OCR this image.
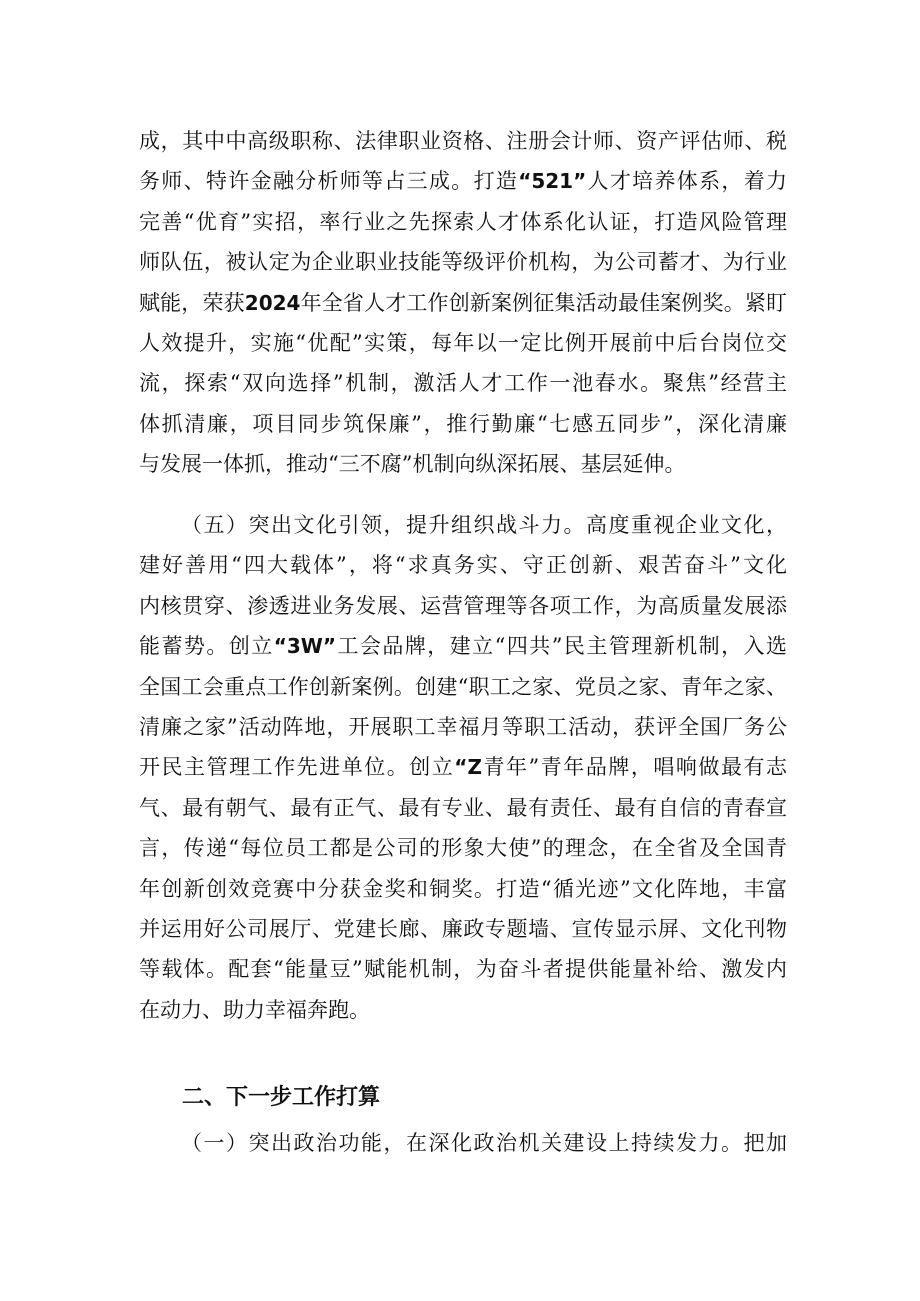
成，其中中高级职称、法律职业资格、注册会计师、资产评估师、税
务师、特许金融分析师等占三成。打造“521”人才培养体系，着力
完善“优育”实招，率行业之先探索人才体系化认证，打造风险管理
师队伍，被认定为企业职业技能等级评价机构，为公司蓄才、为行业
赋能，荣获2024年全省人才工作创新案例征集活动最佳案例奖。紧盯
人效提升，实施“优配”实策，每年以一定比例开展前中后台岗位交
流，探索“双向选择”机制，激活人才工作一池春水。聚焦”经营主
体抓清廉，项目同步筑保廉”，推行勤廉“七感五同步”，深化清廉
与发展一体抓，推动“三不腐”机制向纵深拓展、基层延伸。
（五）突出文化引领，提升组织战斗力。高度重视企业文化，
建好善用“四大载体”，将“求真务实、守正创新、艰苦奋斗”文化
内核贯穿、渗透进业务发展、运营管理等各项工作，为高质量发展添
能蓄势。创立“3W”工会品牌，建立“四共”民主管理新机制，入选
全国工会重点工作创新案例。创建“职工之家、党员之家、青年之家、
清廉之家”活动阵地，开展职工幸福月等职工活动，获评全国厂务公
开民主管理工作先进单位。创立“Z青年”青年品牌，唱响做最有志
气、最有朝气、最有正气、最有专业、最有责任、最有自信的青春宣
言，传递“每位员工都是公司的形象大使”的理念，在全省及全国青
年创新创效竞赛中分获金奖和铜奖。打造“循光迹”文化阵地，丰富
并运用好公司展厅、党建长廊、廉政专题墙、宣传显示屏、文化刊物
等载体。配套“能量豆”赋能机制，为奋斗者提供能量补给、激发内
在动力、助力幸福奔跑。
二、下一步工作打算
（一）突出政治功能，在深化政治机关建设上持续发力。把加
